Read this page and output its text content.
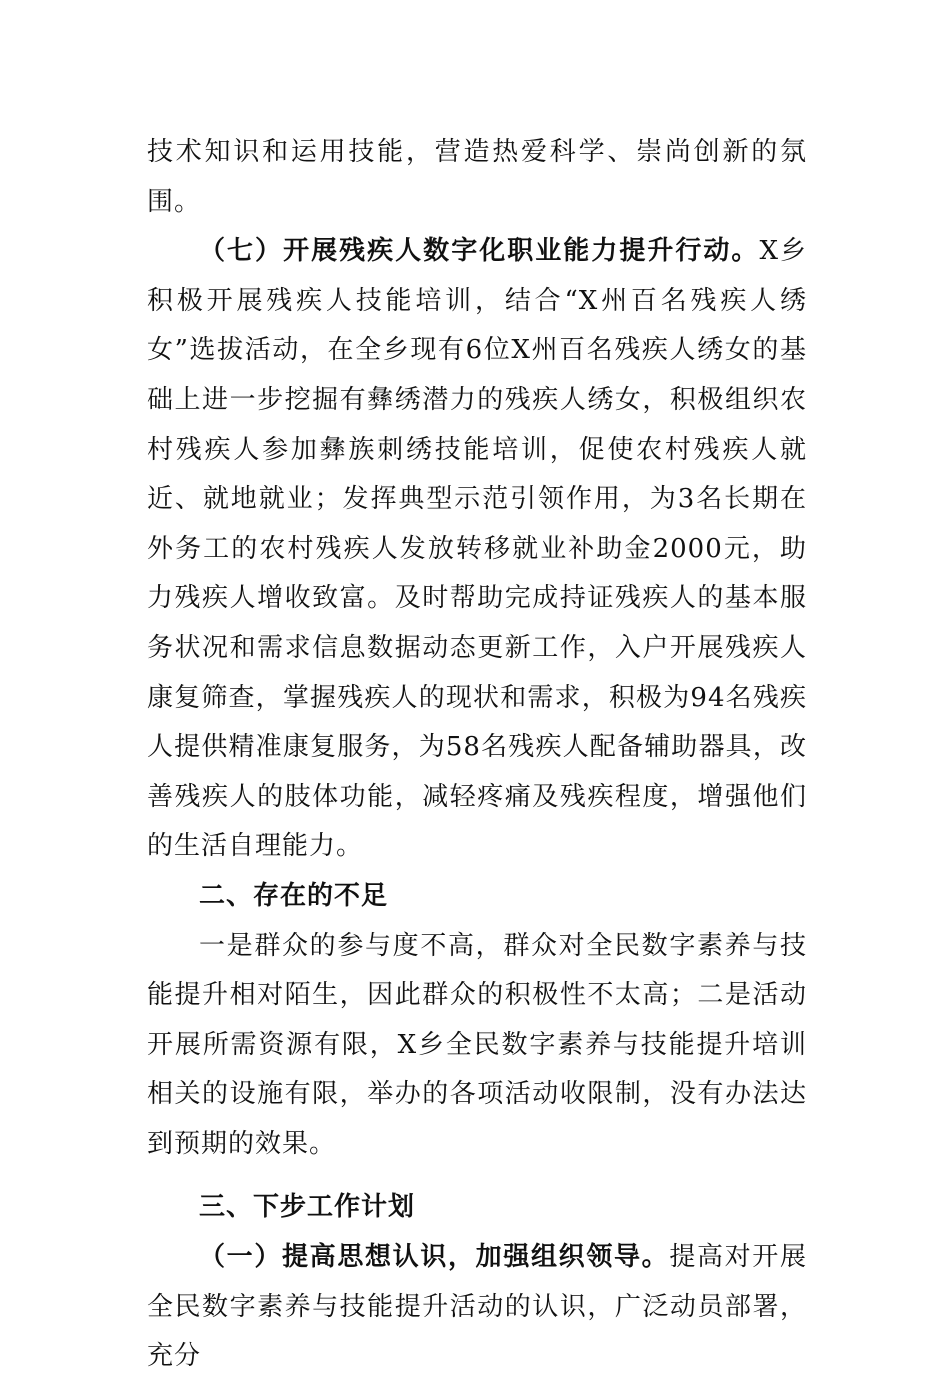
技术知识和运用技能，营造热爱科学、崇尚创新的氛围。

（七）开展残疾人数字化职业能力提升行动。X乡积极开展残疾人技能培训，结合“X州百名残疾人绣女”选拔活动，在全乡现有6位X州百名残疾人绣女的基础上进一步挖掘有彝绣潜力的残疾人绣女，积极组织农村残疾人参加彝族刺绣技能培训，促使农村残疾人就近、就地就业；发挥典型示范引领作用，为3名长期在外务工的农村残疾人发放转移就业补助金2000元，助力残疾人增收致富。及时帮助完成持证残疾人的基本服务状况和需求信息数据动态更新工作，入户开展残疾人康复筛查，掌握残疾人的现状和需求，积极为94名残疾人提供精准康复服务，为58名残疾人配备辅助器具，改善残疾人的肢体功能，减轻疼痛及残疾程度，增强他们的生活自理能力。

二、存在的不足

一是群众的参与度不高，群众对全民数字素养与技能提升相对陌生，因此群众的积极性不太高；二是活动开展所需资源有限，X乡全民数字素养与技能提升培训相关的设施有限，举办的各项活动收限制，没有办法达到预期的效果。

三、下步工作计划

（一）提高思想认识，加强组织领导。提高对开展全民数字素养与技能提升活动的认识，广泛动员部署，充分
